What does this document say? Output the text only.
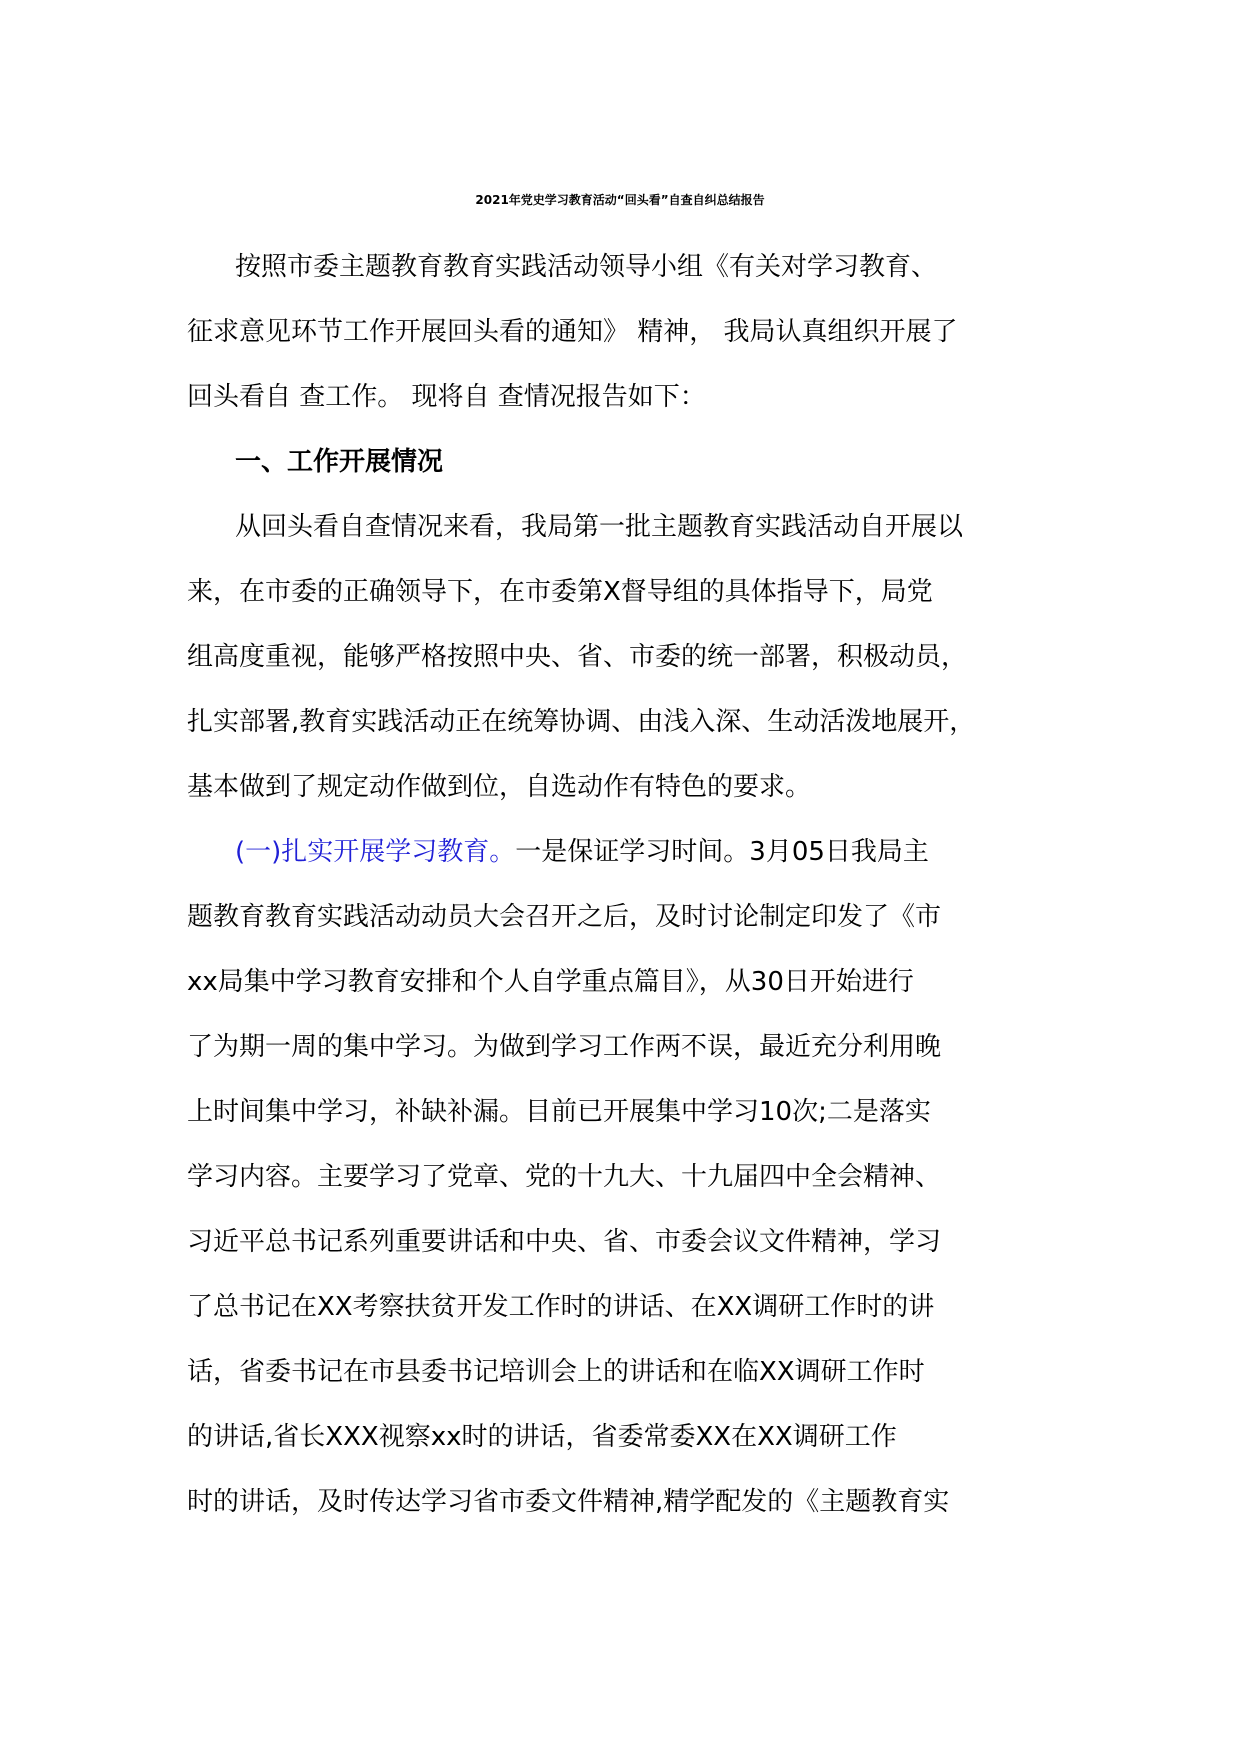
2021年党史学习教育活动“回头看”自查自纠总结报告
按照市委主题教育教育实践活动领导小组《有关对学习教育、
征求意见环节工作开展回头看的通知》 精神， 我局认真组织开展了
回头看自 查工作。 现将自 查情况报告如下：
一、工作开展情况
从回头看自查情况来看，我局第一批主题教育实践活动自开展以
来，在市委的正确领导下，在市委第X督导组的具体指导下，局党
组高度重视，能够严格按照中央、省、市委的统一部署，积极动员，
扎实部署,教育实践活动正在统筹协调、由浅入深、生动活泼地展开，
基本做到了规定动作做到位，自选动作有特色的要求。
(一)扎实开展学习教育。一是保证学习时间。3月05日我局主
题教育教育实践活动动员大会召开之后，及时讨论制定印发了《市
xx局集中学习教育安排和个人自学重点篇目》，从30日开始进行
了为期一周的集中学习。为做到学习工作两不误，最近充分利用晚
上时间集中学习，补缺补漏。目前已开展集中学习10次;二是落实
学习内容。主要学习了党章、党的十九大、十九届四中全会精神、
习近平总书记系列重要讲话和中央、省、市委会议文件精神，学习
了总书记在XX考察扶贫开发工作时的讲话、在XX调研工作时的讲
话，省委书记在市县委书记培训会上的讲话和在临XX调研工作时
的讲话,省长XXX视察xx时的讲话，省委常委XX在XX调研工作
时的讲话，及时传达学习省市委文件精神,精学配发的《主题教育实
